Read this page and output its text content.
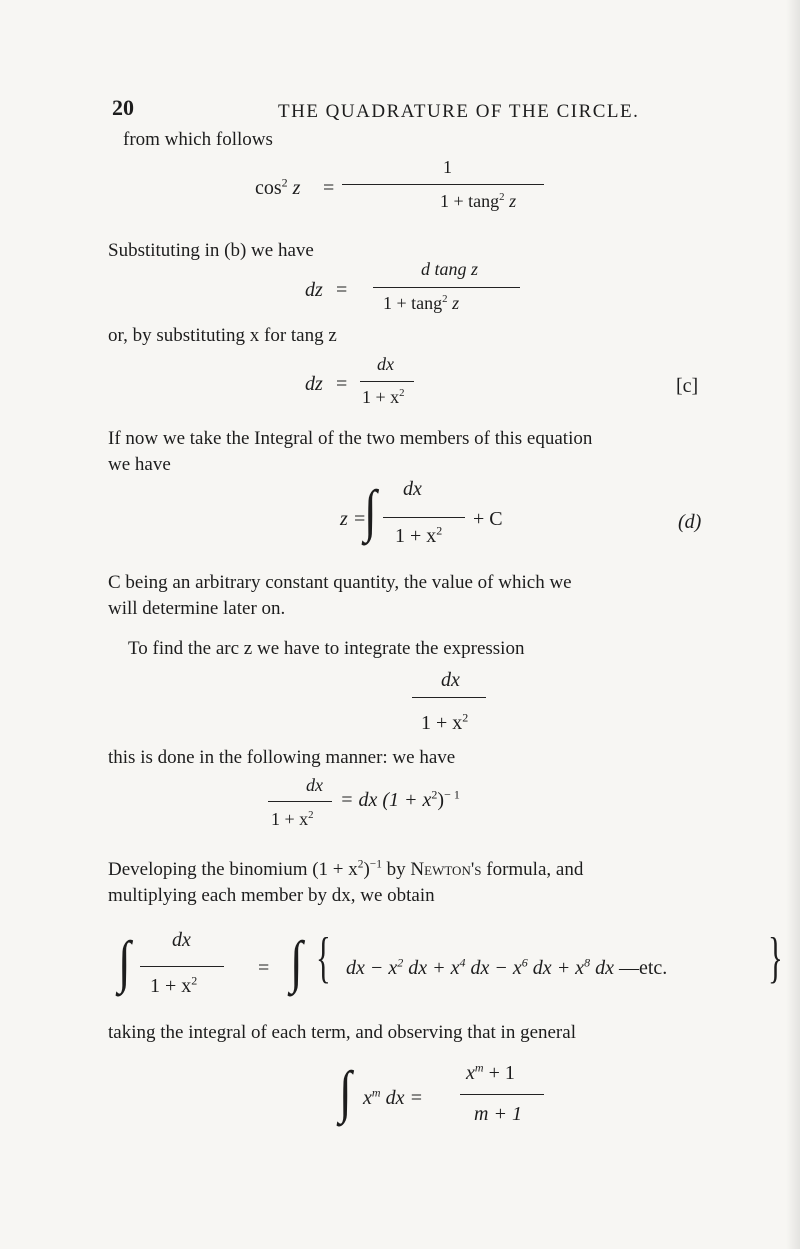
20	THE QUADRATURE OF THE CIRCLE.
from which follows
$\cos^2 z$ =
1
1 + tang$^2$ z
Substituting in (b) we have
dz =
d tang z
1 + tang$^2$ z
or, by substituting x for tang z
dz =
dx
$1 + x^2$	[c]
If now we take the Integral of the two members of this equation
we have
z =
∫ dx
$1 + x^2$
+ C	(d)
C being an arbitrary constant quantity, the value of which we
will determine later on.
To find the arc z we have to integrate the expression
dx
$1 + x^2$
this is done in the following manner: we have
dx
$1 + x^2$
= dx $(1 + x^2)^{- 1}$
Developing the binomium $(1 + x^2)^{-1}$ by Newton's formula, and
multiplying each member by dx, we obtain
∫ dx
$1 + x^2$
= ∫ { dx − $x^2$ dx + $x^4$ dx − $x^6$ dx + $x^8$ dx —etc. }
taking the integral of each term, and observing that in general
∫ $x^m$ dx =
$x^m + 1$
m + 1
